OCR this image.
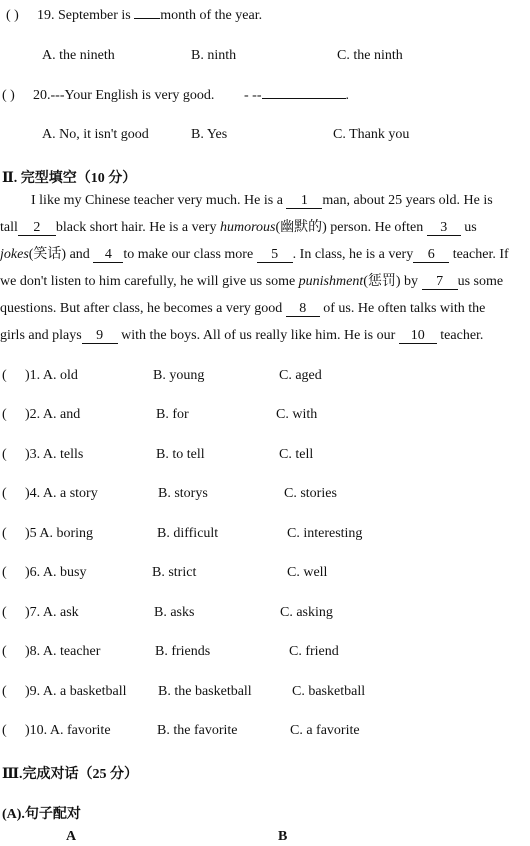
( ) 19. September is month of the year.
A. the nineth	B. ninth	C. the ninth
( ) 20.---Your English is very good. - --	.
A. No, it isn't good	B. Yes	C. Thank you
Ⅱ. 完型填空（10 分）
I like my Chinese teacher very much. He is a 1 man, about 25 years old. He is
tall 2 black short hair. He is a very humorous(幽默的) person. He often 3 us
jokes(笑话) and 4 to make our class more 5 . In class, he is a very 6 teacher. If
we don't listen to him carefully, he will give us some punishment(惩罚) by 7 us some
questions. But after class, he becomes a very good 8 of us. He often talks with the
girls and plays 9 with the boys. All of us really like him. He is our 10 teacher.
( )1. A. old	B. young	C. aged
( )2. A. and	B. for	C. with
( )3. A. tells	B. to tell	C. tell
( )4. A. a story	B. storys	C. stories
( )5 A. boring	B. difficult	C. interesting
( )6. A. busy	B. strict	C. well
( )7. A. ask	B. asks	C. asking
( )8. A. teacher	B. friends	C. friend
( )9. A. a basketball B. the basketball	C. basketball
( )10. A. favorite	B. the favorite	C. a favorite
Ⅲ.完成对话（25 分）
(A).句子配对
A	B
